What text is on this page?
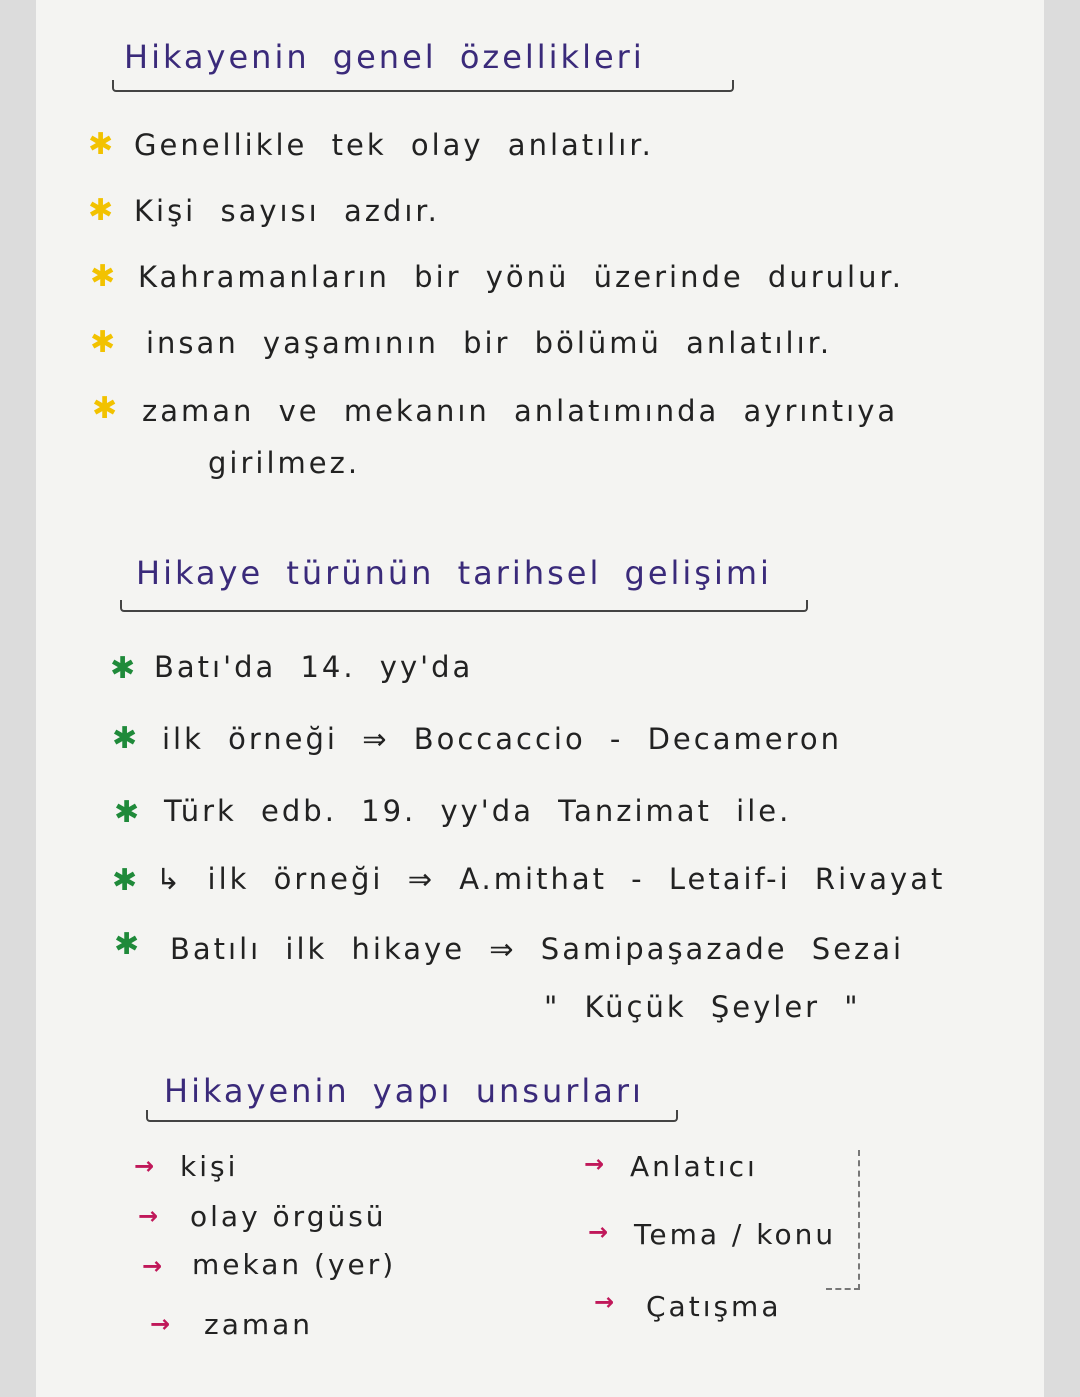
Hikayenin genel özellikleri
✱ Genellikle tek olay anlatılır.
✱ Kişi sayısı azdır.
✱ Kahramanların bir yönü üzerinde durulur.
✱ insan yaşamının bir bölümü anlatılır.
✱ zaman ve mekanın anlatımında ayrıntıya
girilmez.
Hikaye türünün tarihsel gelişimi
✱ Batı'da 14. yy'da
✱ ilk örneği ⇒ Boccaccio - Decameron
✱ Türk edb. 19. yy'da Tanzimat ile.
✱ ↳ ilk örneği ⇒ A.mithat - Letaif-i Rivayat
✱ Batılı ilk hikaye ⇒ Samipaşazade Sezai
" Küçük Şeyler "
Hikayenin yapı unsurları
→ kişi
→ olay örgüsü
→ mekan (yer)
→ zaman
→ Anlatıcı
→ Tema / konu
→ Çatışma
